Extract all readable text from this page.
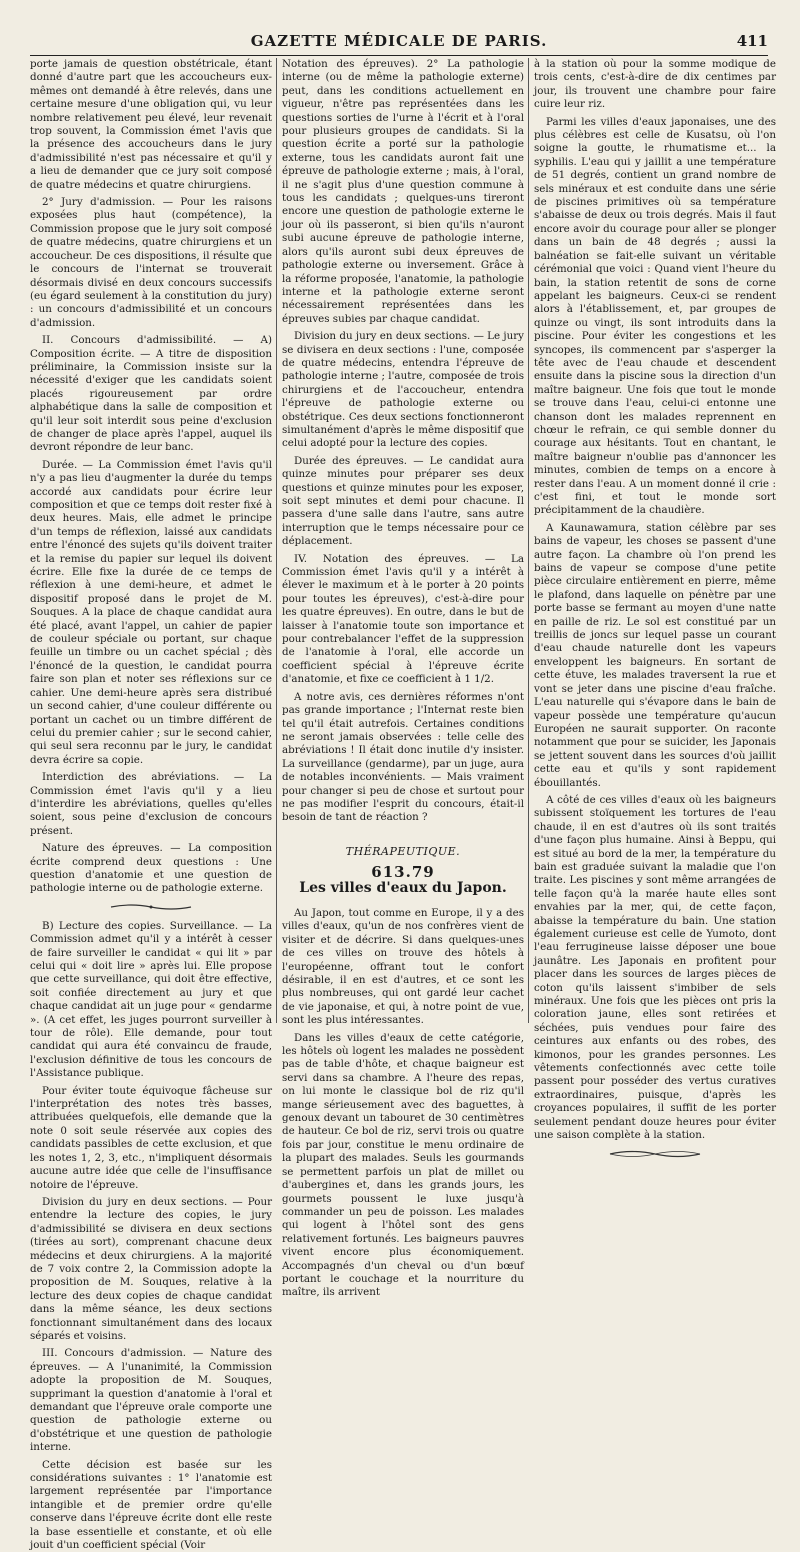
GAZETTE MÉDICALE DE PARIS.	411

porte jamais de question obstétricale, étant donné d'autre part que les accoucheurs eux-mêmes ont demandé à être relevés, dans une certaine mesure d'une obligation qui, vu leur nombre relativement peu élevé, leur revenait trop souvent, la Commission émet l'avis que la présence des accoucheurs dans le jury d'admissibilité n'est pas nécessaire et qu'il y a lieu de demander que ce jury soit composé de quatre médecins et quatre chirurgiens.

2° Jury d'admission. — Pour les raisons exposées plus haut (compétence), la Commission propose que le jury soit composé de quatre médecins, quatre chirurgiens et un accoucheur. De ces dispositions, il résulte que le concours de l'internat se trouverait désormais divisé en deux concours successifs (eu égard seulement à la constitution du jury) : un concours d'admissibilité et un concours d'admission.

II. Concours d'admissibilité. — A) Composition écrite. — A titre de disposition préliminaire, la Commission insiste sur la nécessité d'exiger que les candidats soient placés rigoureusement par ordre alphabétique dans la salle de composition et qu'il leur soit interdit sous peine d'exclusion de changer de place après l'appel, auquel ils devront répondre de leur banc.

Durée. — La Commission émet l'avis qu'il n'y a pas lieu d'augmenter la durée du temps accordé aux candidats pour écrire leur composition et que ce temps doit rester fixé à deux heures. Mais, elle admet le principe d'un temps de réflexion, laissé aux candidats entre l'énoncé des sujets qu'ils doivent traiter et la remise du papier sur lequel ils doivent écrire. Elle fixe la durée de ce temps de réflexion à une demi-heure, et admet le dispositif proposé dans le projet de M. Souques. A la place de chaque candidat aura été placé, avant l'appel, un cahier de papier de couleur spéciale ou portant, sur chaque feuille un timbre ou un cachet spécial ; dès l'énoncé de la question, le candidat pourra faire son plan et noter ses réflexions sur ce cahier. Une demi-heure après sera distribué un second cahier, d'une couleur différente ou portant un cachet ou un timbre différent de celui du premier cahier ; sur le second cahier, qui seul sera reconnu par le jury, le candidat devra écrire sa copie.

Interdiction des abréviations. — La Commission émet l'avis qu'il y a lieu d'interdire les abréviations, quelles qu'elles soient, sous peine d'exclusion de concours présent.

Nature des épreuves. — La composition écrite comprend deux questions : Une question d'anatomie et une question de pathologie interne ou de pathologie externe.

B) Lecture des copies. Surveillance. — La Commission admet qu'il y a intérêt à cesser de faire surveiller le candidat « qui lit » par celui qui « doit lire » après lui. Elle propose que cette surveillance, qui doit être effective, soit confiée directement au jury et que chaque candidat ait un juge pour « gendarme ». (A cet effet, les juges pourront surveiller à tour de rôle). Elle demande, pour tout candidat qui aura été convaincu de fraude, l'exclusion définitive de tous les concours de l'Assistance publique.

Pour éviter toute équivoque fâcheuse sur l'interprétation des notes très basses, attribuées quelquefois, elle demande que la note 0 soit seule réservée aux copies des candidats passibles de cette exclusion, et que les notes 1, 2, 3, etc., n'impliquent désormais aucune autre idée que celle de l'insuffisance notoire de l'épreuve.

Division du jury en deux sections. — Pour entendre la lecture des copies, le jury d'admissibilité se divisera en deux sections (tirées au sort), comprenant chacune deux médecins et deux chirurgiens. A la majorité de 7 voix contre 2, la Commission adopte la proposition de M. Souques, relative à la lecture des deux copies de chaque candidat dans la même séance, les deux sections fonctionnant simultanément dans des locaux séparés et voisins.

III. Concours d'admission. — Nature des épreuves. — A l'unanimité, la Commission adopte la proposition de M. Souques, supprimant la question d'anatomie à l'oral et demandant que l'épreuve orale comporte une question de pathologie externe ou d'obstétrique et une question de pathologie interne.

Cette décision est basée sur les considérations suivantes : 1° l'anatomie est largement représentée par l'importance intangible et de premier ordre qu'elle conserve dans l'épreuve écrite dont elle reste la base essentielle et constante, et où elle jouit d'un coefficient spécial (Voir

Notation des épreuves). 2° La pathologie interne (ou de même la pathologie externe) peut, dans les conditions actuellement en vigueur, n'être pas représentées dans les questions sorties de l'urne à l'écrit et à l'oral pour plusieurs groupes de candidats. Si la question écrite a porté sur la pathologie externe, tous les candidats auront fait une épreuve de pathologie externe ; mais, à l'oral, il ne s'agit plus d'une question commune à tous les candidats ; quelques-uns tireront encore une question de pathologie externe le jour où ils passeront, si bien qu'ils n'auront subi aucune épreuve de pathologie interne, alors qu'ils auront subi deux épreuves de pathologie externe ou inversement. Grâce à la réforme proposée, l'anatomie, la pathologie interne et la pathologie externe seront nécessairement représentées dans les épreuves subies par chaque candidat.

Division du jury en deux sections. — Le jury se divisera en deux sections : l'une, composée de quatre médecins, entendra l'épreuve de pathologie interne ; l'autre, composée de trois chirurgiens et de l'accoucheur, entendra l'épreuve de pathologie externe ou obstétrique. Ces deux sections fonctionneront simultanément d'après le même dispositif que celui adopté pour la lecture des copies.

Durée des épreuves. — Le candidat aura quinze minutes pour préparer ses deux questions et quinze minutes pour les exposer, soit sept minutes et demi pour chacune. Il passera d'une salle dans l'autre, sans autre interruption que le temps nécessaire pour ce déplacement.

IV. Notation des épreuves. — La Commission émet l'avis qu'il y a intérêt à élever le maximum et à le porter à 20 points pour toutes les épreuves), c'est-à-dire pour les quatre épreuves). En outre, dans le but de laisser à l'anatomie toute son importance et pour contrebalancer l'effet de la suppression de l'anatomie à l'oral, elle accorde un coefficient spécial à l'épreuve écrite d'anatomie, et fixe ce coefficient à 1 1/2.

A notre avis, ces dernières réformes n'ont pas grande importance ; l'Internat reste bien tel qu'il était autrefois. Certaines conditions ne seront jamais observées : telle celle des abréviations ! Il était donc inutile d'y insister. La surveillance (gendarme), par un juge, aura de notables inconvénients. — Mais vraiment pour changer si peu de chose et surtout pour ne pas modifier l'esprit du concours, était-il besoin de tant de réaction ?

THÉRAPEUTIQUE.
613.79
Les villes d'eaux du Japon.

Au Japon, tout comme en Europe, il y a des villes d'eaux, qu'un de nos confrères vient de visiter et de décrire. Si dans quelques-unes de ces villes on trouve des hôtels à l'européenne, offrant tout le confort désirable, il en est d'autres, et ce sont les plus nombreuses, qui ont gardé leur cachet de vie japonaise, et qui, à notre point de vue, sont les plus intéressantes.

Dans les villes d'eaux de cette catégorie, les hôtels où logent les malades ne possèdent pas de table d'hôte, et chaque baigneur est servi dans sa chambre. A l'heure des repas, on lui monte le classique bol de riz qu'il mange sérieusement avec des baguettes, à genoux devant un tabouret de 30 centimètres de hauteur. Ce bol de riz, servi trois ou quatre fois par jour, constitue le menu ordinaire de la plupart des malades. Seuls les gourmands se permettent parfois un plat de millet ou d'aubergines et, dans les grands jours, les gourmets poussent le luxe jusqu'à commander un peu de poisson. Les malades qui logent à l'hôtel sont des gens relativement fortunés. Les baigneurs pauvres vivent encore plus économiquement. Accompagnés d'un cheval ou d'un bœuf portant le couchage et la nourriture du maître, ils arrivent

à la station où pour la somme modique de trois cents, c'est-à-dire de dix centimes par jour, ils trouvent une chambre pour faire cuire leur riz.

Parmi les villes d'eaux japonaises, une des plus célèbres est celle de Kusatsu, où l'on soigne la goutte, le rhumatisme et... la syphilis. L'eau qui y jaillit a une température de 51 degrés, contient un grand nombre de sels minéraux et est conduite dans une série de piscines primitives où sa température s'abaisse de deux ou trois degrés. Mais il faut encore avoir du courage pour aller se plonger dans un bain de 48 degrés ; aussi la balnéation se fait-elle suivant un véritable cérémonial que voici : Quand vient l'heure du bain, la station retentit de sons de corne appelant les baigneurs. Ceux-ci se rendent alors à l'établissement, et, par groupes de quinze ou vingt, ils sont introduits dans la piscine. Pour éviter les congestions et les syncopes, ils commencent par s'asperger la tête avec de l'eau chaude et descendent ensuite dans la piscine sous la direction d'un maître baigneur. Une fois que tout le monde se trouve dans l'eau, celui-ci entonne une chanson dont les malades reprennent en chœur le refrain, ce qui semble donner du courage aux hésitants. Tout en chantant, le maître baigneur n'oublie pas d'annoncer les minutes, combien de temps on a encore à rester dans l'eau. A un moment donné il crie : c'est fini, et tout le monde sort précipitamment de la chaudière.

A Kaunawamura, station célèbre par ses bains de vapeur, les choses se passent d'une autre façon. La chambre où l'on prend les bains de vapeur se compose d'une petite pièce circulaire entièrement en pierre, même le plafond, dans laquelle on pénètre par une porte basse se fermant au moyen d'une natte en paille de riz. Le sol est constitué par un treillis de joncs sur lequel passe un courant d'eau chaude naturelle dont les vapeurs enveloppent les baigneurs. En sortant de cette étuve, les malades traversent la rue et vont se jeter dans une piscine d'eau fraîche. L'eau naturelle qui s'évapore dans le bain de vapeur possède une température qu'aucun Européen ne saurait supporter. On raconte notamment que pour se suicider, les Japonais se jettent souvent dans les sources d'où jaillit cette eau et qu'ils y sont rapidement ébouillantés.

A côté de ces villes d'eaux où les baigneurs subissent stoïquement les tortures de l'eau chaude, il en est d'autres où ils sont traités d'une façon plus humaine. Ainsi à Beppu, qui est situé au bord de la mer, la température du bain est graduée suivant la maladie que l'on traite. Les piscines y sont même arrangées de telle façon qu'à la marée haute elles sont envahies par la mer, qui, de cette façon, abaisse la température du bain. Une station également curieuse est celle de Yumoto, dont l'eau ferrugineuse laisse déposer une boue jaunâtre. Les Japonais en profitent pour placer dans les sources de larges pièces de coton qu'ils laissent s'imbiber de sels minéraux. Une fois que les pièces ont pris la coloration jaune, elles sont retirées et séchées, puis vendues pour faire des ceintures aux enfants ou des robes, des kimonos, pour les grandes personnes. Les vêtements confectionnés avec cette toile passent pour posséder des vertus curatives extraordinaires, puisque, d'après les croyances populaires, il suffit de les porter seulement pendant douze heures pour éviter une saison complète à la station.
